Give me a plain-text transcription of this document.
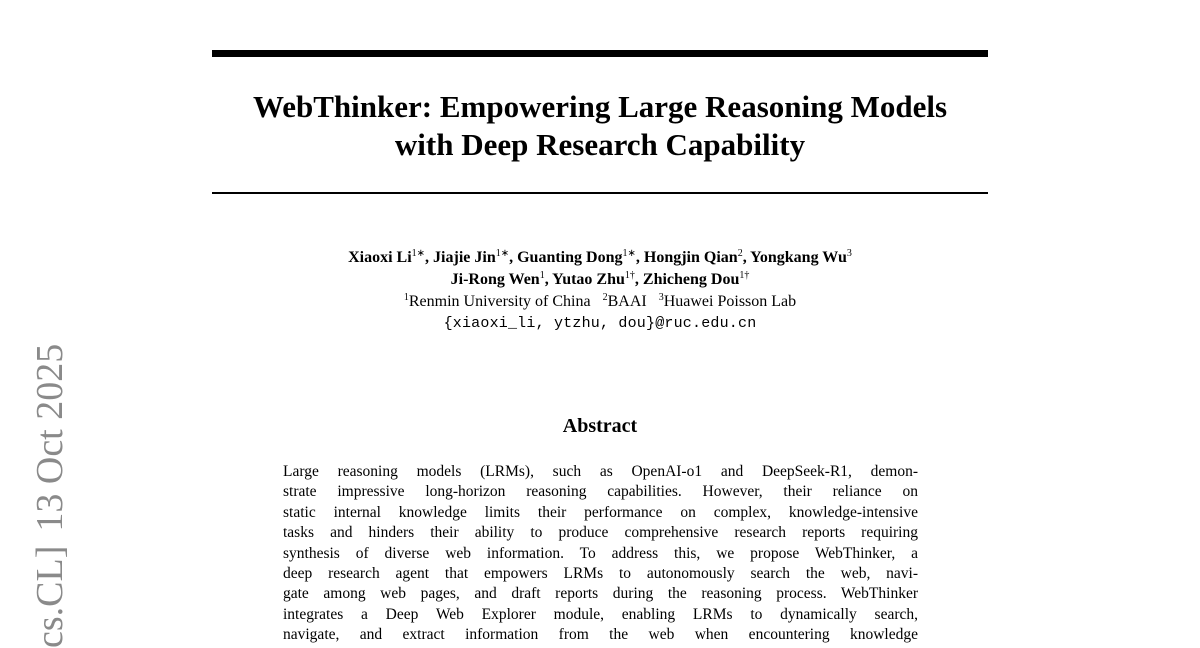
WebThinker: Empowering Large Reasoning Models
with Deep Research Capability
Xiaoxi $Li^{1∗}$, Jiajie Jin$^{1∗}$, Guanting Dong$^{1∗}$, Hongjin Qian$^2$, Yongkang Wu$^3$
Ji-Rong Wen$^1$, Yutao Zhu$^{1\dagger}$, Zhicheng Dou$^{1\dagger}$
$^1$Renmin University of China $^2$BAAI $^3$Huawei Poisson Lab
{xiaoxi_li, ytzhu, dou}@ruc.edu.cn
Abstract
Large reasoning models (LRMs), such as OpenAI-o1 and DeepSeek-R1, demon-
strate impressive long-horizon reasoning capabilities. However, their reliance on
static internal knowledge limits their performance on complex, knowledge-intensive
tasks and hinders their ability to produce comprehensive research reports requiring
synthesis of diverse web information. To address this, we propose WebThinker, a
deep research agent that empowers LRMs to autonomously search the web, navi-
gate among web pages, and draft reports during the reasoning process. WebThinker
integrates a Deep Web Explorer module, enabling LRMs to dynamically search,
navigate, and extract information from the web when encountering knowledge
cs.CL]13 Oct 2025
